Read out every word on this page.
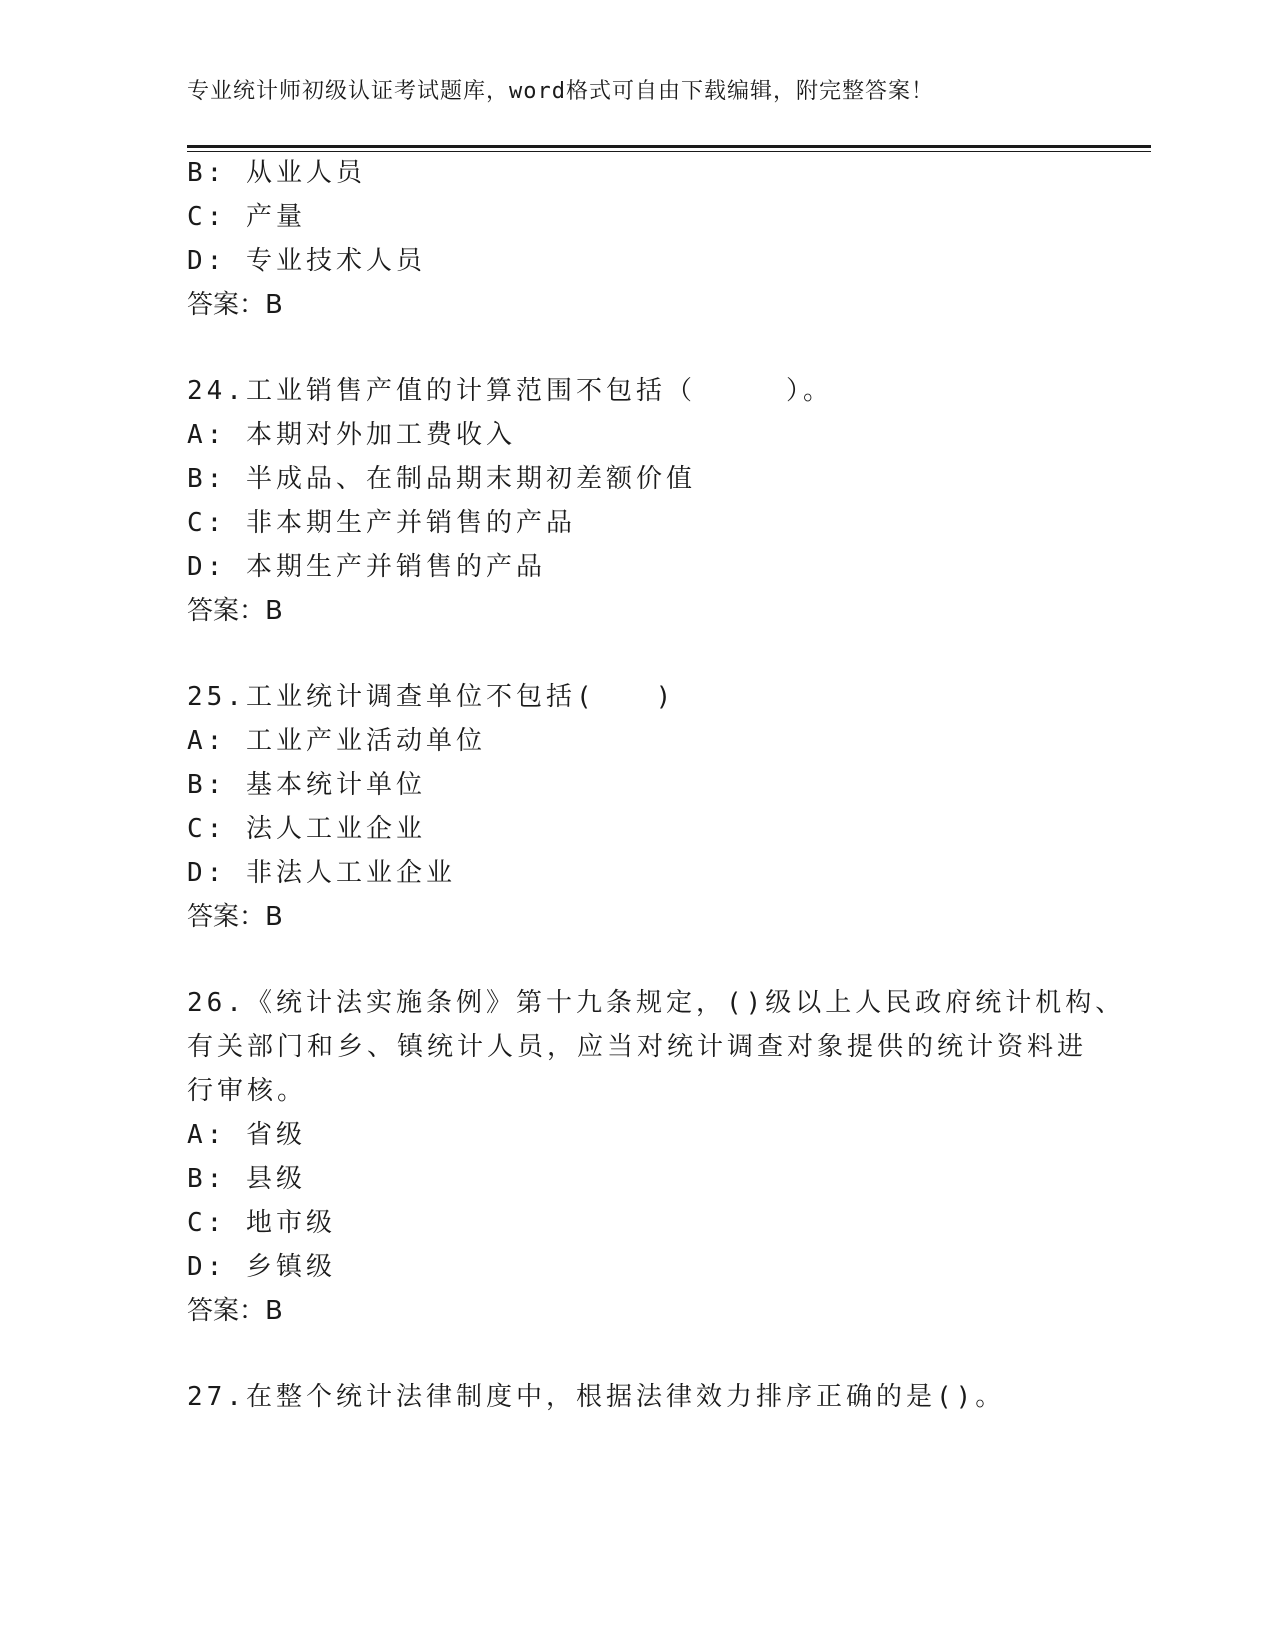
专业统计师初级认证考试题库，word格式可自由下载编辑，附完整答案！
B: 从业人员
C: 产量
D: 专业技术人员
答案：B
24.工业销售产值的计算范围不包括（　　　）。
A: 本期对外加工费收入
B: 半成品、在制品期末期初差额价值
C: 非本期生产并销售的产品
D: 本期生产并销售的产品
答案：B
25.工业统计调查单位不包括(　　)
A: 工业产业活动单位
B: 基本统计单位
C: 法人工业企业
D: 非法人工业企业
答案：B
26.《统计法实施条例》第十九条规定，()级以上人民政府统计机构、
有关部门和乡、镇统计人员，应当对统计调查对象提供的统计资料进
行审核。
A: 省级
B: 县级
C: 地市级
D: 乡镇级
答案：B
27.在整个统计法律制度中，根据法律效力排序正确的是()。
